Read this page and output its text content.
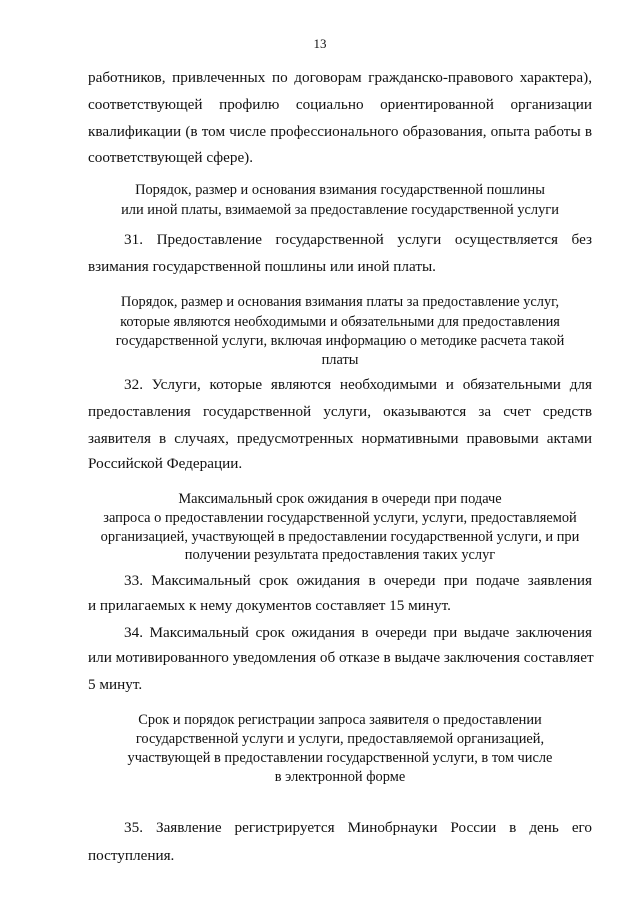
13
работников, привлеченных по договорам гражданско-правового характера),
соответствующей профилю социально ориентированной организации
квалификации (в том числе профессионального образования, опыта работы в
соответствующей сфере).
Порядок, размер и основания взимания государственной пошлины
или иной платы, взимаемой за предоставление государственной услуги
31. Предоставление государственной услуги осуществляется без
взимания государственной пошлины или иной платы.
Порядок, размер и основания взимания платы за предоставление услуг,
которые являются необходимыми и обязательными для предоставления
государственной услуги, включая информацию о методике расчета такой
платы
32. Услуги, которые являются необходимыми и обязательными для
предоставления государственной услуги, оказываются за счет средств
заявителя в случаях, предусмотренных нормативными правовыми актами
Российской Федерации.
Максимальный срок ожидания в очереди при подаче
запроса о предоставлении государственной услуги, услуги, предоставляемой
организацией, участвующей в предоставлении государственной услуги, и при
получении результата предоставления таких услуг
33. Максимальный срок ожидания в очереди при подаче заявления
и прилагаемых к нему документов составляет 15 минут.
34. Максимальный срок ожидания в очереди при выдаче заключения
или мотивированного уведомления об отказе в выдаче заключения составляет
5 минут.
Срок и порядок регистрации запроса заявителя о предоставлении
государственной услуги и услуги, предоставляемой организацией,
участвующей в предоставлении государственной услуги, в том числе
в электронной форме
35. Заявление регистрируется Минобрнауки России в день его
поступления.
